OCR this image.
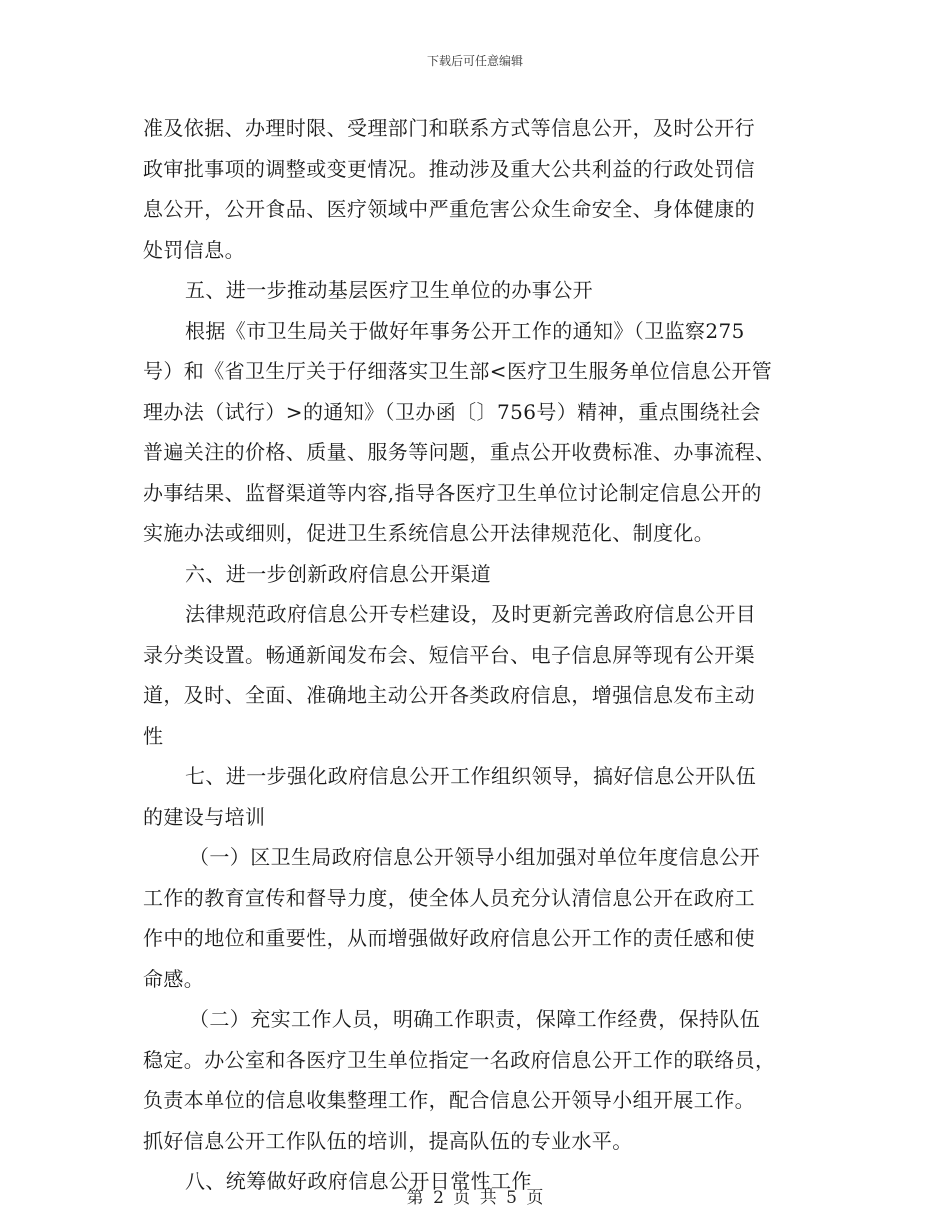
下载后可任意编辑
准及依据、办理时限、受理部门和联系方式等信息公开，及时公开行
政审批事项的调整或变更情况。推动涉及重大公共利益的行政处罚信
息公开，公开食品、医疗领域中严重危害公众生命安全、身体健康的
处罚信息。
五、进一步推动基层医疗卫生单位的办事公开
根据《市卫生局关于做好年事务公开工作的通知》（卫监察275
号）和《省卫生厅关于仔细落实卫生部<医疗卫生服务单位信息公开管
理办法（试行）>的通知》（卫办函〔〕756号）精神，重点围绕社会
普遍关注的价格、质量、服务等问题，重点公开收费标准、办事流程、
办事结果、监督渠道等内容,指导各医疗卫生单位讨论制定信息公开的
实施办法或细则，促进卫生系统信息公开法律规范化、制度化。
六、进一步创新政府信息公开渠道
法律规范政府信息公开专栏建设，及时更新完善政府信息公开目
录分类设置。畅通新闻发布会、短信平台、电子信息屏等现有公开渠
道，及时、全面、准确地主动公开各类政府信息，增强信息发布主动
性
七、进一步强化政府信息公开工作组织领导，搞好信息公开队伍
的建设与培训
（一）区卫生局政府信息公开领导小组加强对单位年度信息公开
工作的教育宣传和督导力度，使全体人员充分认清信息公开在政府工
作中的地位和重要性，从而增强做好政府信息公开工作的责任感和使
命感。
（二）充实工作人员，明确工作职责，保障工作经费，保持队伍
稳定。办公室和各医疗卫生单位指定一名政府信息公开工作的联络员，
负责本单位的信息收集整理工作，配合信息公开领导小组开展工作。
抓好信息公开工作队伍的培训，提高队伍的专业水平。
八、统筹做好政府信息公开日常性工作
第 2 页 共 5 页
